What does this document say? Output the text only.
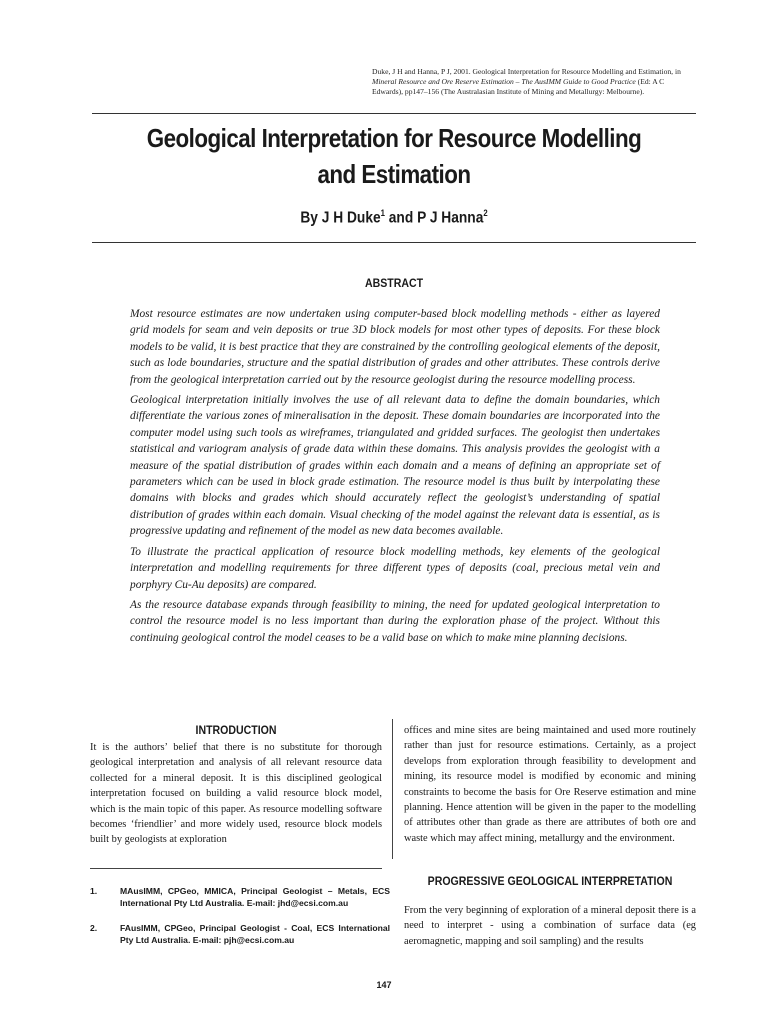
Duke, J H and Hanna, P J, 2001. Geological Interpretation for Resource Modelling and Estimation, in
Mineral Resource and Ore Reserve Estimation – The AusIMM Guide to Good Practice (Ed: A C
Edwards), pp147–156 (The Australasian Institute of Mining and Metallurgy: Melbourne).
Geological Interpretation for Resource Modelling
and Estimation
By J H Duke$^1$ and P J Hanna$^2$
ABSTRACT

Most resource estimates are now undertaken using computer-based block modelling methods - either as layered grid models for seam and vein deposits or true 3D block models for most other types of deposits. For these block models to be valid, it is best practice that they are constrained by the controlling geological elements of the deposit, such as lode boundaries, structure and the spatial distribution of grades and other attributes. These controls derive from the geological interpretation carried out by the resource geologist during the resource modelling process.

Geological interpretation initially involves the use of all relevant data to define the domain boundaries, which differentiate the various zones of mineralisation in the deposit. These domain boundaries are incorporated into the computer model using such tools as wireframes, triangulated and gridded surfaces. The geologist then undertakes statistical and variogram analysis of grade data within these domains. This analysis provides the geologist with a measure of the spatial distribution of grades within each domain and a means of defining an appropriate set of parameters which can be used in block grade estimation. The resource model is thus built by interpolating these domains with blocks and grades which should accurately reflect the geologist’s understanding of spatial distribution of grades within each domain. Visual checking of the model against the relevant data is essential, as is progressive updating and refinement of the model as new data becomes available.

To illustrate the practical application of resource block modelling methods, key elements of the geological interpretation and modelling requirements for three different types of deposits (coal, precious metal vein and porphyry Cu-Au deposits) are compared.

As the resource database expands through feasibility to mining, the need for updated geological interpretation to control the resource model is no less important than during the exploration phase of the project. Without this continuing geological control the model ceases to be a valid base on which to make mine planning decisions.

INTRODUCTION

It is the authors’ belief that there is no substitute for thorough geological interpretation and analysis of all relevant resource data collected for a mineral deposit. It is this disciplined geological interpretation focused on building a valid resource block model, which is the main topic of this paper. As resource modelling software becomes ‘friendlier’ and more widely used, resource block models built by geologists at exploration

offices and mine sites are being maintained and used more routinely rather than just for resource estimations. Certainly, as a project develops from exploration through feasibility to development and mining, its resource model is modified by economic and mining constraints to become the basis for Ore Reserve estimation and mine planning. Hence attention will be given in the paper to the modelling of attributes other than grade as there are attributes of both ore and waste which may affect mining, metallurgy and the environment.

PROGRESSIVE GEOLOGICAL INTERPRETATION

From the very beginning of exploration of a mineral deposit there is a need to interpret - using a combination of surface data (eg aeromagnetic, mapping and soil sampling) and the results

1.	MAusIMM, CPGeo, MMICA, Principal Geologist – Metals, ECS International Pty Ltd Australia. E-mail: jhd@ecsi.com.au
2.	FAusIMM, CPGeo, Principal Geologist - Coal, ECS International Pty Ltd Australia. E-mail: pjh@ecsi.com.au
147
